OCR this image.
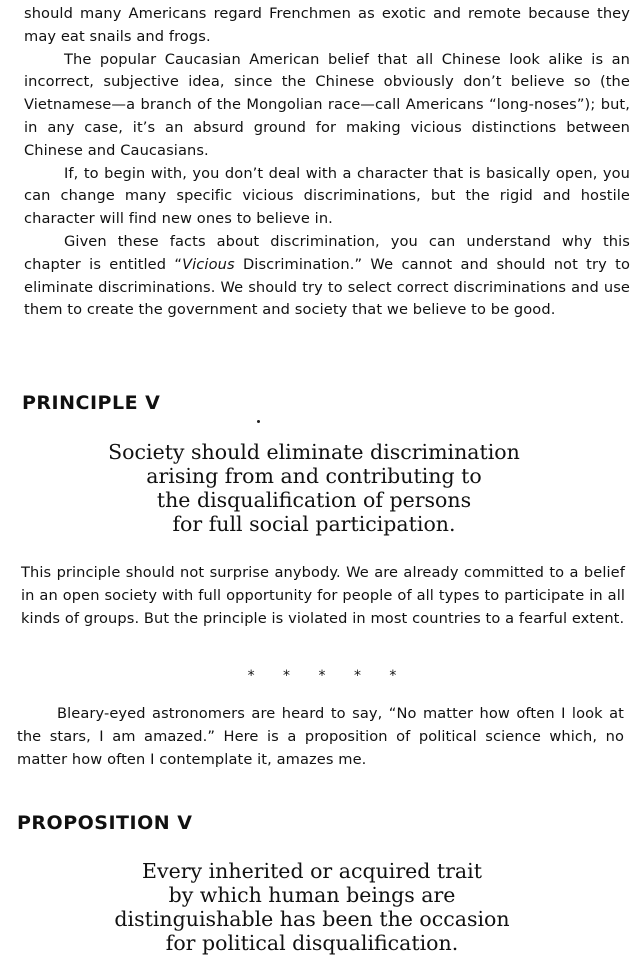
should many Americans regard Frenchmen as exotic and remote because they may eat snails and frogs.

The popular Caucasian American belief that all Chinese look alike is an incorrect, subjective idea, since the Chinese obviously don’t believe so (the Vietnamese—a branch of the Mongolian race—call Americans “long-noses”); but, in any case, it’s an absurd ground for making vicious distinctions between Chinese and Caucasians.

If, to begin with, you don’t deal with a character that is basically open, you can change many specific vicious discriminations, but the rigid and hostile character will find new ones to believe in.

Given these facts about discrimination, you can understand why this chapter is entitled “Vicious Discrimination.” We cannot and should not try to eliminate discriminations. We should try to select correct discriminations and use them to create the government and society that we believe to be good.

PRINCIPLE V

Society should eliminate discrimination
arising from and contributing to
the disqualification of persons
for full social participation.

This principle should not surprise anybody. We are already committed to a belief in an open society with full opportunity for people of all types to participate in all kinds of groups. But the principle is violated in most countries to a fearful extent.

* * * * *

Bleary-eyed astronomers are heard to say, “No matter how often I look at the stars, I am amazed.” Here is a proposition of political science which, no matter how often I contemplate it, amazes me.

PROPOSITION V

Every inherited or acquired trait
by which human beings are
distinguishable has been the occasion
for political disqualification.
